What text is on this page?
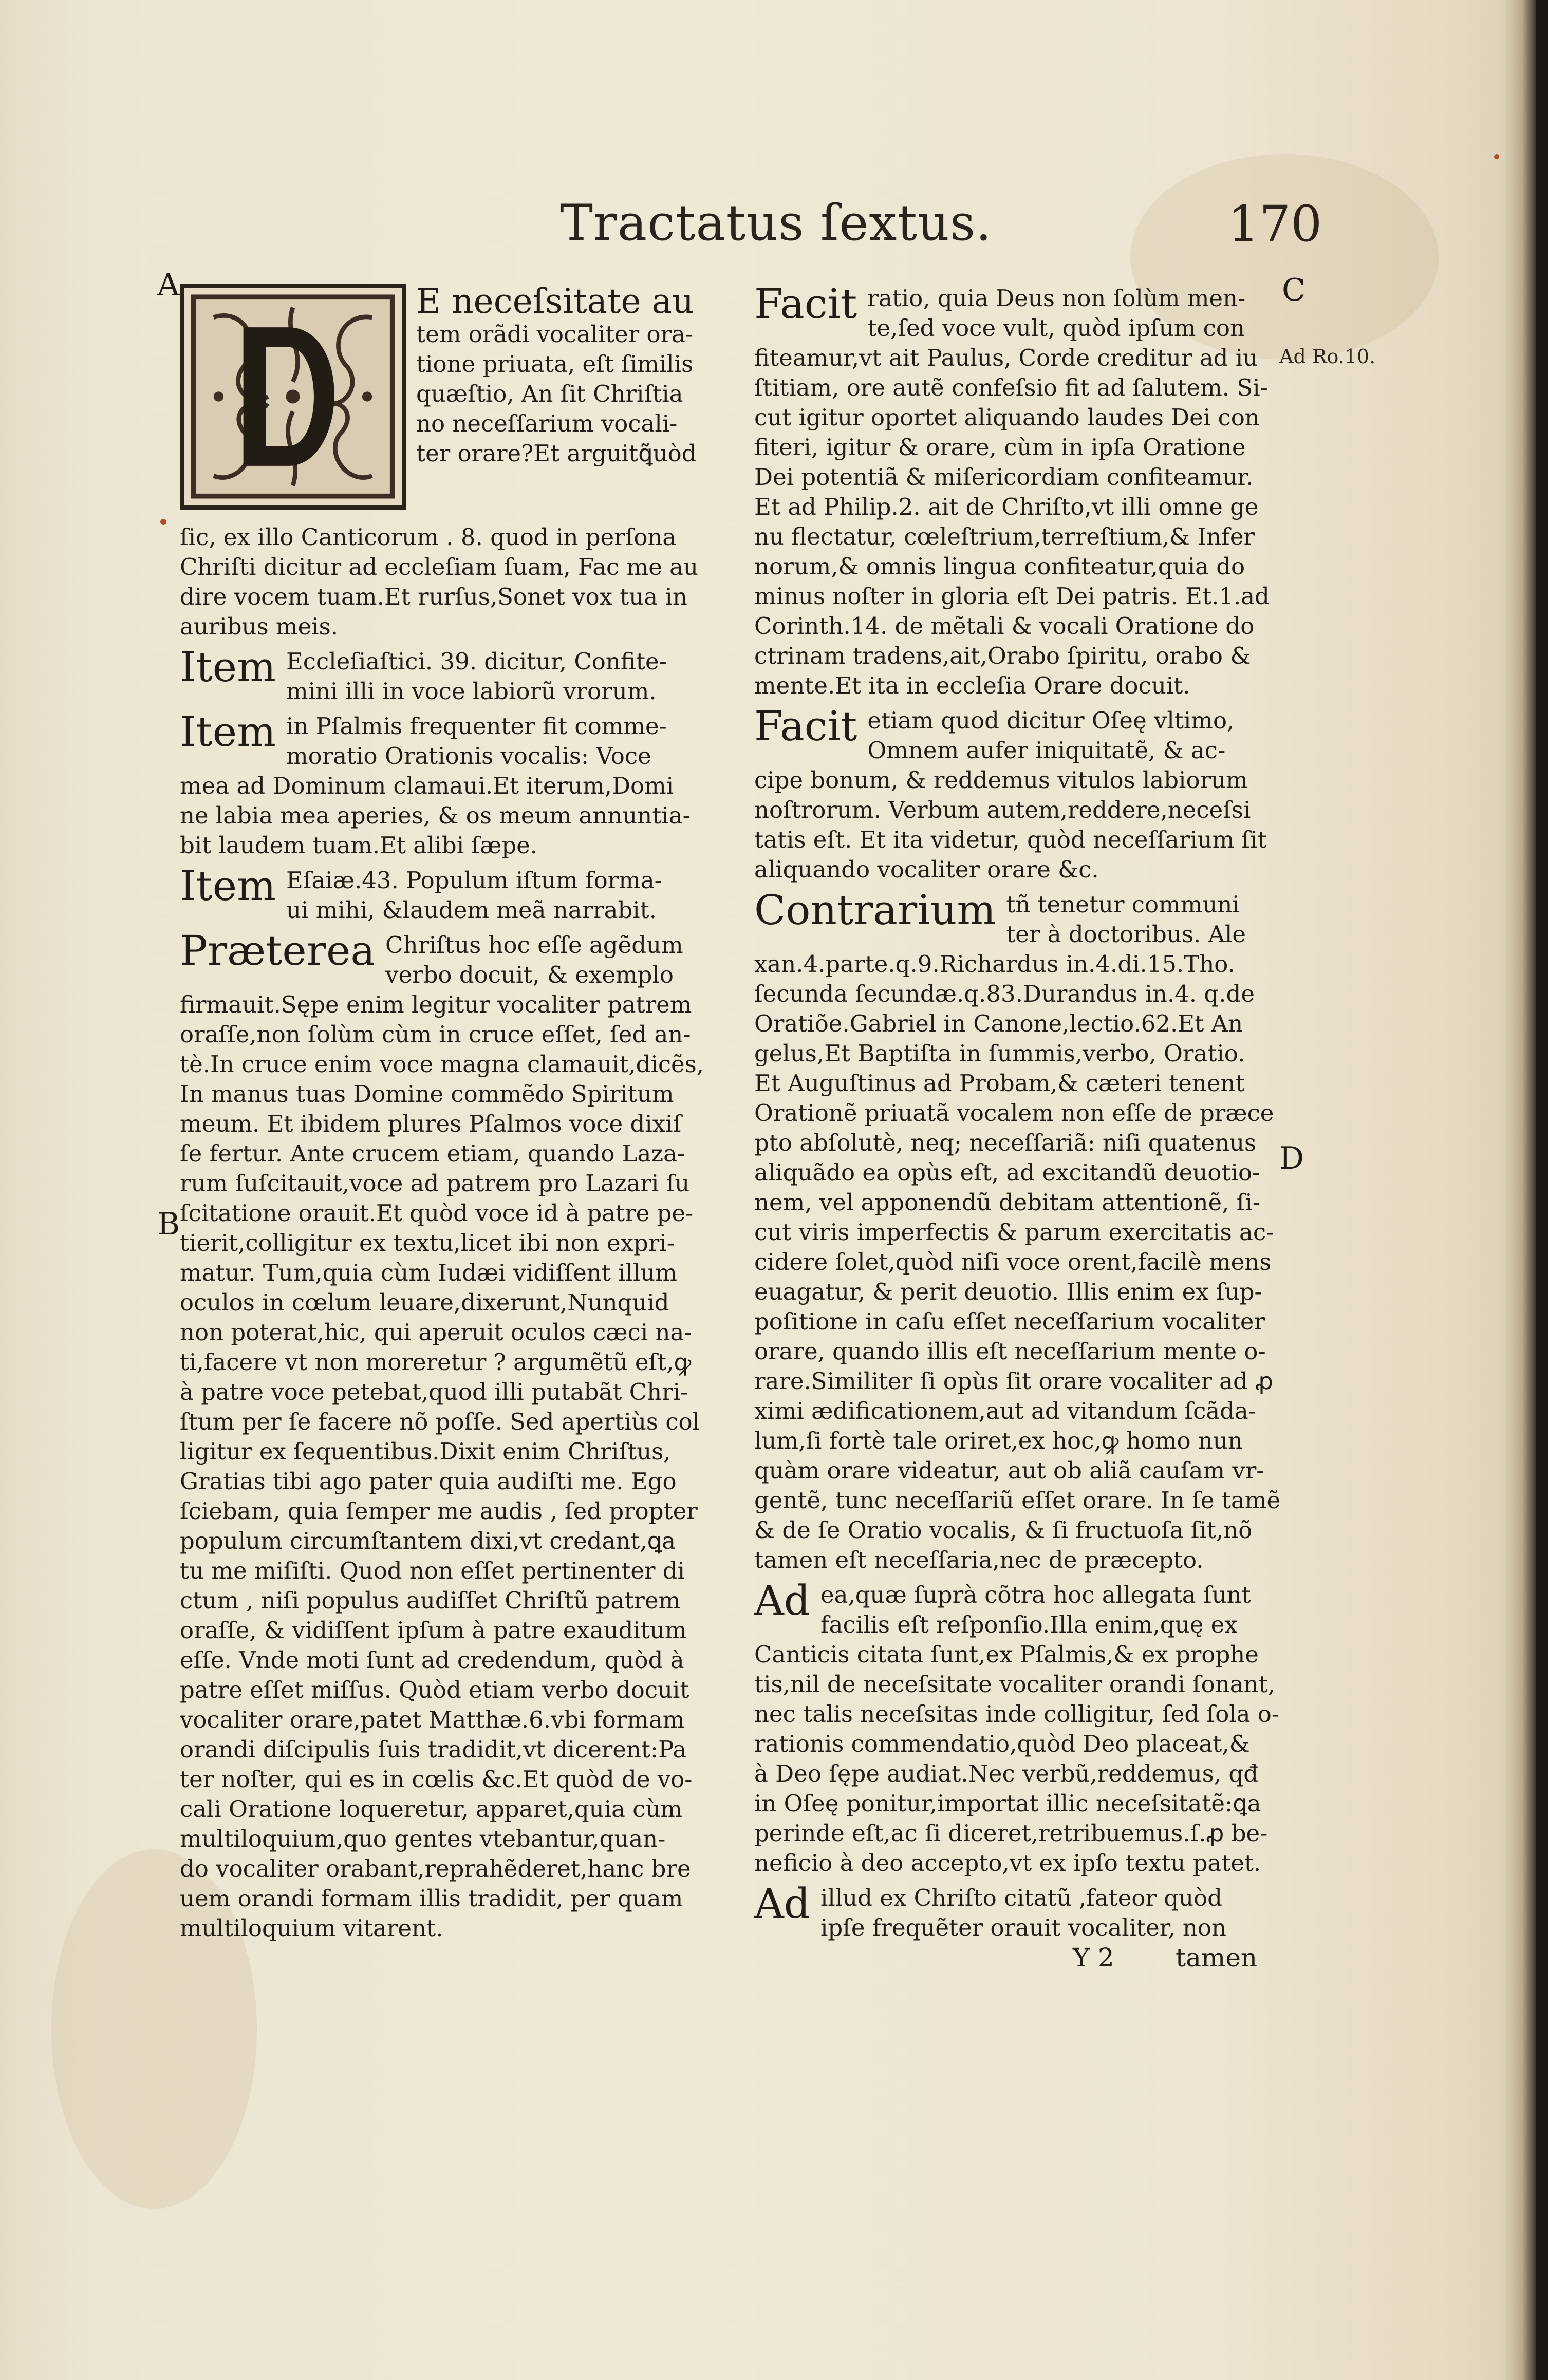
Tractatus ſextus.	170
A
B
C
D
Ad Ro.10.

E neceſsitate au

tem orãdi vocaliter ora-

tione priuata, eſt ſimilis

quæſtio, An ſit Chriſtia

no neceſſarium vocali-

ter orare?Et arguitꝗ̃uòd

ſic, ex illo Canticorum . 8. quod in perſona

Chriſti dicitur ad eccleſiam ſuam, Fac me au

dire vocem tuam.Et rurſus,Sonet vox tua in

auribus meis.

Item Eccleſiaſtici. 39. dicitur, Confite-

mini illi in voce labiorũ vrorum.

Item in Pſalmis frequenter fit comme-

moratio Orationis vocalis: Voce

mea ad Dominum clamaui.Et iterum,Domi

ne labia mea aperies, & os meum annuntia-

bit laudem tuam.Et alibi ſæpe.

Item Eſaiæ.43. Populum iſtum forma-

ui mihi, &laudem meã narrabit.

Præterea Chriſtus hoc eſſe agẽdum

verbo docuit, & exemplo

firmauit.Sępe enim legitur vocaliter patrem

oraſſe,non ſolùm cùm in cruce eſſet, ſed an-

tè.In cruce enim voce magna clamauit,dicẽs,

In manus tuas Domine commẽdo Spiritum

meum. Et ibidem plures Pſalmos voce dixiſ

ſe fertur. Ante crucem etiam, quando Laza-

rum ſuſcitauit,voce ad patrem pro Lazari ſu

ſcitatione orauit.Et quòd voce id à patre pe-

tierit,colligitur ex textu,licet ibi non expri-

matur. Tum,quia cùm Iudæi vidiſſent illum

oculos in cœlum leuare,dixerunt,Nunquid

non poterat,hic, qui aperuit oculos cæci na-

ti,facere vt non moreretur ? argumẽtũ eſt,ꝙ

à patre voce petebat,quod illi putabãt Chri-

ſtum per ſe facere nõ poſſe. Sed apertiùs col

ligitur ex ſequentibus.Dixit enim Chriſtus,

Gratias tibi ago pater quia audiſti me. Ego

ſciebam, quia ſemper me audis , ſed propter

populum circumſtantem dixi,vt credant,ꝗa

tu me miſiſti. Quod non eſſet pertinenter di

ctum , niſi populus audiſſet Chriſtũ patrem

oraſſe, & vidiſſent ipſum à patre exauditum

eſſe. Vnde moti ſunt ad credendum, quòd à

patre eſſet miſſus. Quòd etiam verbo docuit

vocaliter orare,patet Matthæ.6.vbi formam

orandi diſcipulis ſuis tradidit,vt dicerent:Pa

ter noſter, qui es in cœlis &c.Et quòd de vo-

cali Oratione loqueretur, apparet,quia cùm

multiloquium,quo gentes vtebantur,quan-

do vocaliter orabant,reprahẽderet,hanc bre

uem orandi formam illis tradidit, per quam

multiloquium vitarent.

Facit ratio, quia Deus non ſolùm men-

te,ſed voce vult, quòd ipſum con

fiteamur,vt ait Paulus, Corde creditur ad iu

ſtitiam, ore autẽ confeſsio fit ad ſalutem. Si-

cut igitur oportet aliquando laudes Dei con

fiteri, igitur & orare, cùm in ipſa Oratione

Dei potentiã & miſericordiam confiteamur.

Et ad Philip.2. ait de Chriſto,vt illi omne ge

nu flectatur, cœleſtrium,terreſtium,& Infer

norum,& omnis lingua confiteatur,quia do

minus noſter in gloria eſt Dei patris. Et.1.ad

Corinth.14. de mẽtali & vocali Oratione do

ctrinam tradens,ait,Orabo ſpiritu, orabo &

mente.Et ita in eccleſia Orare docuit.

Facit etiam quod dicitur Oſeę vltimo,

Omnem aufer iniquitatẽ, & ac-

cipe bonum, & reddemus vitulos labiorum

noſtrorum. Verbum autem,reddere,neceſsi

tatis eſt. Et ita videtur, quòd neceſſarium ſit

aliquando vocaliter orare &c.

Contrarium tñ tenetur communi

ter à doctoribus. Ale

xan.4.parte.q.9.Richardus in.4.di.15.Tho.

ſecunda ſecundæ.q.83.Durandus in.4. q.de

Oratiõe.Gabriel in Canone,lectio.62.Et An

gelus,Et Baptiſta in ſummis,verbo, Oratio.

Et Auguſtinus ad Probam,& cæteri tenent

Orationẽ priuatã vocalem non eſſe de præce

pto abſolutè, neq; neceſſariã: niſi quatenus

aliquãdo ea opùs eſt, ad excitandũ deuotio-

nem, vel apponendũ debitam attentionẽ, ſi-

cut viris imperfectis & parum exercitatis ac-

cidere ſolet,quòd niſi voce orent,facilè mens

euagatur, & perit deuotio. Illis enim ex ſup-

poſitione in caſu eſſet neceſſarium vocaliter

orare, quando illis eſt neceſſarium mente o-

rare.Similiter ſi opùs ſit orare vocaliter ad ꝓ

ximi ædificationem,aut ad vitandum ſcãda-

lum,ſi fortè tale oriret,ex hoc,ꝙ homo nun

quàm orare videatur, aut ob aliã cauſam vr-

gentẽ, tunc neceſſariũ eſſet orare. In ſe tamẽ

& de ſe Oratio vocalis, & ſi fructuoſa ſit,nõ

tamen eſt neceſſaria,nec de præcepto.

Ad ea,quæ ſuprà cõtra hoc allegata ſunt

facilis eſt reſponſio.Illa enim,quę ex

Canticis citata ſunt,ex Pſalmis,& ex prophe

tis,nil de neceſsitate vocaliter orandi ſonant,

nec talis neceſsitas inde colligitur, ſed ſola o-

rationis commendatio,quòd Deo placeat,&

à Deo ſępe audiat.Nec verbũ,reddemus, qđ

in Oſeę ponitur,importat illic neceſsitatẽ:ꝗa

perinde eſt,ac ſi diceret,retribuemus.ſ.ꝓ be-

neficio à deo accepto,vt ex ipſo textu patet.

Ad illud ex Chriſto citatũ ,fateor quòd

ipſe frequẽter orauit vocaliter, non

Y 2 tamen
